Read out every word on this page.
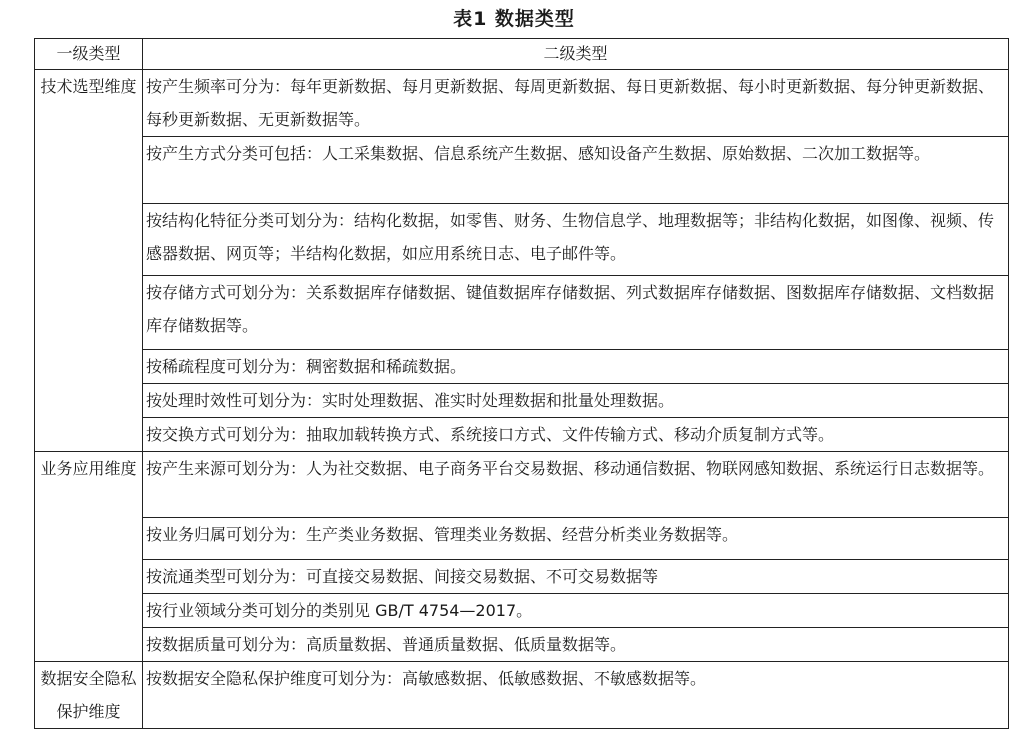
表1 数据类型
一级类型	二级类型
技术选型维度	按产生频率可分为：每年更新数据、每月更新数据、每周更新数据、每日更新数据、每小时更新数据、每分钟更新数据、每秒更新数据、无更新数据等。
	按产生方式分类可包括：人工采集数据、信息系统产生数据、感知设备产生数据、原始数据、二次加工数据等。
	按结构化特征分类可划分为：结构化数据，如零售、财务、生物信息学、地理数据等；非结构化数据，如图像、视频、传感器数据、网页等；半结构化数据，如应用系统日志、电子邮件等。
	按存储方式可划分为：关系数据库存储数据、键值数据库存储数据、列式数据库存储数据、图数据库存储数据、文档数据库存储数据等。
	按稀疏程度可划分为：稠密数据和稀疏数据。
	按处理时效性可划分为：实时处理数据、准实时处理数据和批量处理数据。
	按交换方式可划分为：抽取加载转换方式、系统接口方式、文件传输方式、移动介质复制方式等。
业务应用维度	按产生来源可划分为：人为社交数据、电子商务平台交易数据、移动通信数据、物联网感知数据、系统运行日志数据等。
	按业务归属可划分为：生产类业务数据、管理类业务数据、经营分析类业务数据等。
	按流通类型可划分为：可直接交易数据、间接交易数据、不可交易数据等
	按行业领域分类可划分的类别见 GB/T 4754—2017。
	按数据质量可划分为：高质量数据、普通质量数据、低质量数据等。
数据安全隐私保护维度	按数据安全隐私保护维度可划分为：高敏感数据、低敏感数据、不敏感数据等。
